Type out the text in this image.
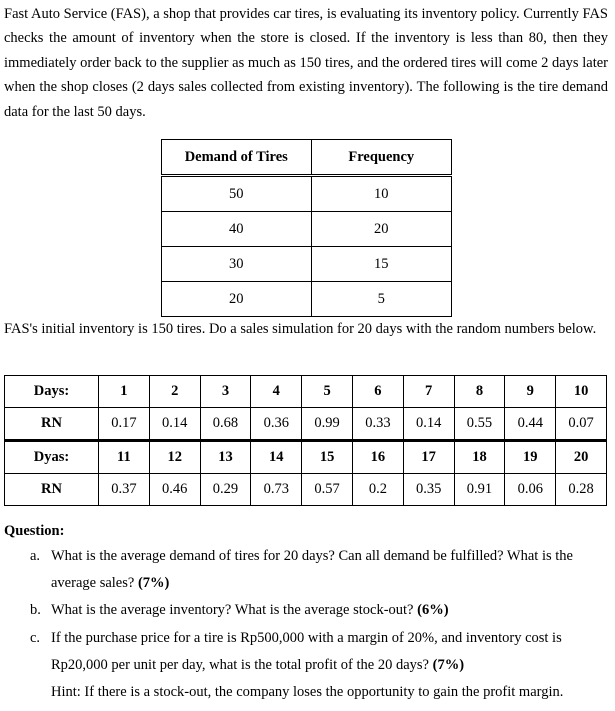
Fast Auto Service (FAS), a shop that provides car tires, is evaluating its inventory policy. Currently FAS checks the amount of inventory when the store is closed. If the inventory is less than 80, then they immediately order back to the supplier as much as 150 tires, and the ordered tires will come 2 days later when the shop closes (2 days sales collected from existing inventory). The following is the tire demand data for the last 50 days.
Demand of Tires	Frequency
50	10
40	20
30	15
20	5
FAS's initial inventory is 150 tires. Do a sales simulation for 20 days with the random numbers below.
Days:	1	2	3	4	5	6	7	8	9	10
RN	0.17	0.14	0.68	0.36	0.99	0.33	0.14	0.55	0.44	0.07
Dyas:	11	12	13	14	15	16	17	18	19	20
RN	0.37	0.46	0.29	0.73	0.57	0.2	0.35	0.91	0.06	0.28
Question:
a. What is the average demand of tires for 20 days? Can all demand be fulfilled? What is the average sales? (7%)
b. What is the average inventory? What is the average stock-out? (6%)
c. If the purchase price for a tire is Rp500,000 with a margin of 20%, and inventory cost is Rp20,000 per unit per day, what is the total profit of the 20 days? (7%)
Hint: If there is a stock-out, the company loses the opportunity to gain the profit margin.
